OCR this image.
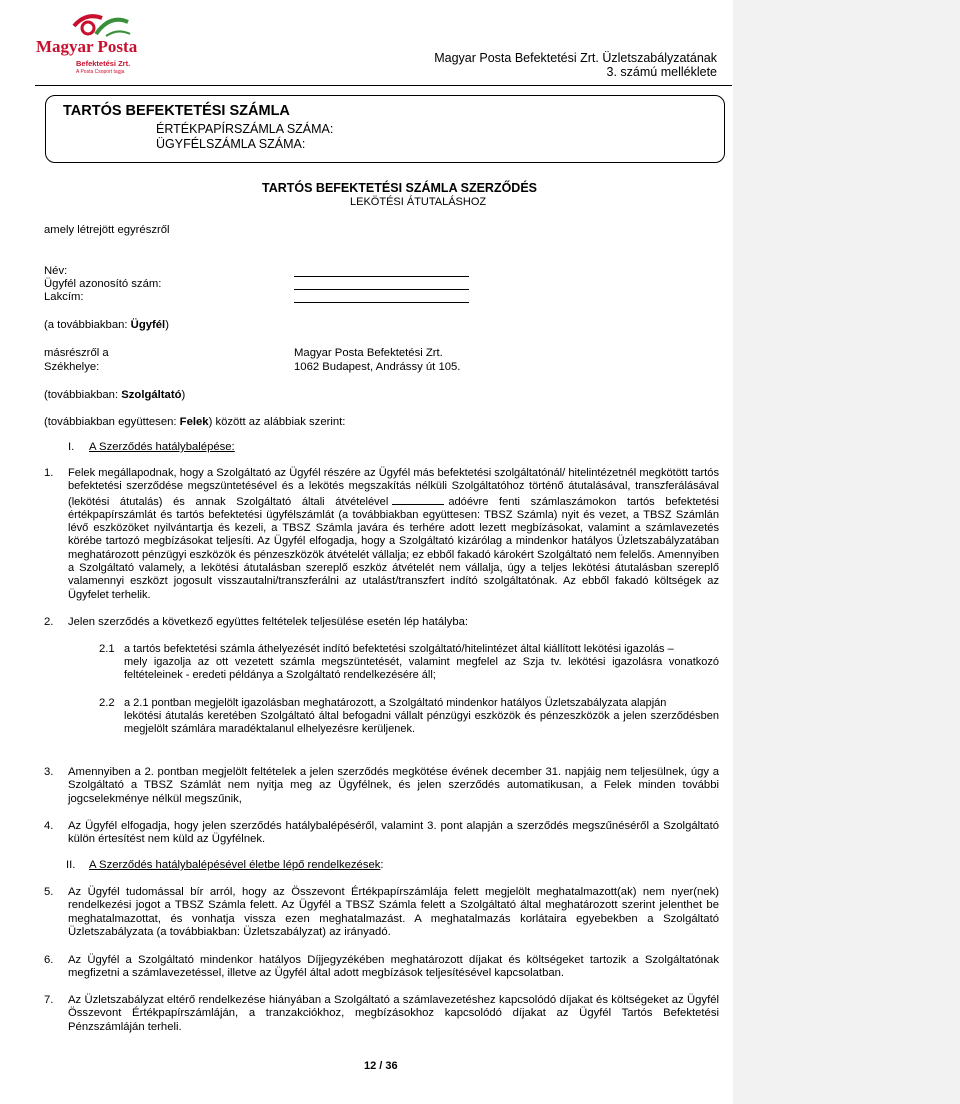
Magyar Posta
Befektetési Zrt.
A Posta Csoport tagja
Magyar Posta Befektetési Zrt. Üzletszabályzatának
3. számú melléklete
TARTÓS BEFEKTETÉSI SZÁMLA
ÉRTÉKPAPÍRSZÁMLA SZÁMA:
ÜGYFÉLSZÁMLA SZÁMA:
TARTÓS BEFEKTETÉSI SZÁMLA SZERZŐDÉS
LEKÖTÉSI ÁTUTALÁSHOZ
amely létrejött egyrészről
Név:
Ügyfél azonosító szám:
Lakcím:
(a továbbiakban: Ügyfél)
másrészről a	Magyar Posta Befektetési Zrt.
Székhelye:	1062 Budapest, Andrássy út 105.
(továbbiakban: Szolgáltató)
(továbbiakban együttesen: Felek) között az alábbiak szerint:
I. A Szerződés hatálybalépése:
1. Felek megállapodnak, hogy a Szolgáltató az Ügyfél részére az Ügyfél más befektetési szolgáltatónál/ hitelintézetnél megkötött tartós befektetési szerződése megszüntetésével és a lekötés megszakítás nélküli Szolgáltatóhoz történő átutalásával, transzferálásával (lekötési átutalás) és annak Szolgáltató általi átvételével	adóévre fenti számlaszámokon tartós befektetési értékpapírszámlát és tartós befektetési ügyfélszámlát (a továbbiakban együttesen: TBSZ Számla) nyit és vezet, a TBSZ Számlán lévő eszközöket nyilvántartja és kezeli, a TBSZ Számla javára és terhére adott lezett megbízásokat, valamint a számlavezetés körébe tartozó megbízásokat teljesíti. Az Ügyfél elfogadja, hogy a Szolgáltató kizárólag a mindenkor hatályos Üzletszabályzatában meghatározott pénzügyi eszközök és pénzeszközök átvételét vállalja; ez ebből fakadó károkért Szolgáltató nem felelős. Amennyiben a Szolgáltató valamely, a lekötési átutalásban szereplő eszköz átvételét nem vállalja, úgy a teljes lekötési átutalásban szereplő valamennyi eszközt jogosult visszautalni/transzferálni az utalást/transzfert indító szolgáltatónak. Az ebből fakadó költségek az Ügyfelet terhelik.
2. Jelen szerződés a következő együttes feltételek teljesülése esetén lép hatályba:
2.1 a tartós befektetési számla áthelyezését indító befektetési szolgáltató/hitelintézet által kiállított lekötési igazolás –
mely igazolja az ott vezetett számla megszüntetését, valamint megfelel az Szja tv. lekötési igazolásra vonatkozó feltételeinek - eredeti példánya a Szolgáltató rendelkezésére áll;
2.2 a 2.1 pontban megjelölt igazolásban meghatározott, a Szolgáltató mindenkor hatályos Üzletszabályzata alapján
lekötési átutalás keretében Szolgáltató által befogadni vállalt pénzügyi eszközök és pénzeszközök a jelen szerződésben megjelölt számlára maradéktalanul elhelyezésre kerüljenek.
3. Amennyiben a 2. pontban megjelölt feltételek a jelen szerződés megkötése évének december 31. napjáig nem teljesülnek, úgy a Szolgáltató a TBSZ Számlát nem nyitja meg az Ügyfélnek, és jelen szerződés automatikusan, a Felek minden további jogcselekménye nélkül megszűnik,
4. Az Ügyfél elfogadja, hogy jelen szerződés hatálybalépéséről, valamint 3. pont alapján a szerződés megszűnéséről a Szolgáltató külön értesítést nem küld az Ügyfélnek.
II. A Szerződés hatálybalépésével életbe lépő rendelkezések:
5. Az Ügyfél tudomással bír arról, hogy az Összevont Értékpapírszámlája felett megjelölt meghatalmazott(ak) nem nyer(nek) rendelkezési jogot a TBSZ Számla felett. Az Ügyfél a TBSZ Számla felett a Szolgáltató által meghatározott szerint jelenthet be meghatalmazottat, és vonhatja vissza ezen meghatalmazást. A meghatalmazás korlátaira egyebekben a Szolgáltató Üzletszabályzata (a továbbiakban: Üzletszabályzat) az irányadó.
6. Az Ügyfél a Szolgáltató mindenkor hatályos Díjjegyzékében meghatározott díjakat és költségeket tartozik a Szolgáltatónak megfizetni a számlavezetéssel, illetve az Ügyfél által adott megbízások teljesítésével kapcsolatban.
7. Az Üzletszabályzat eltérő rendelkezése hiányában a Szolgáltató a számlavezetéshez kapcsolódó díjakat és költségeket az Ügyfél Összevont Értékpapírszámláján, a tranzakciókhoz, megbízásokhoz kapcsolódó díjakat az Ügyfél Tartós Befektetési Pénzszámláján terheli.
12 / 36
